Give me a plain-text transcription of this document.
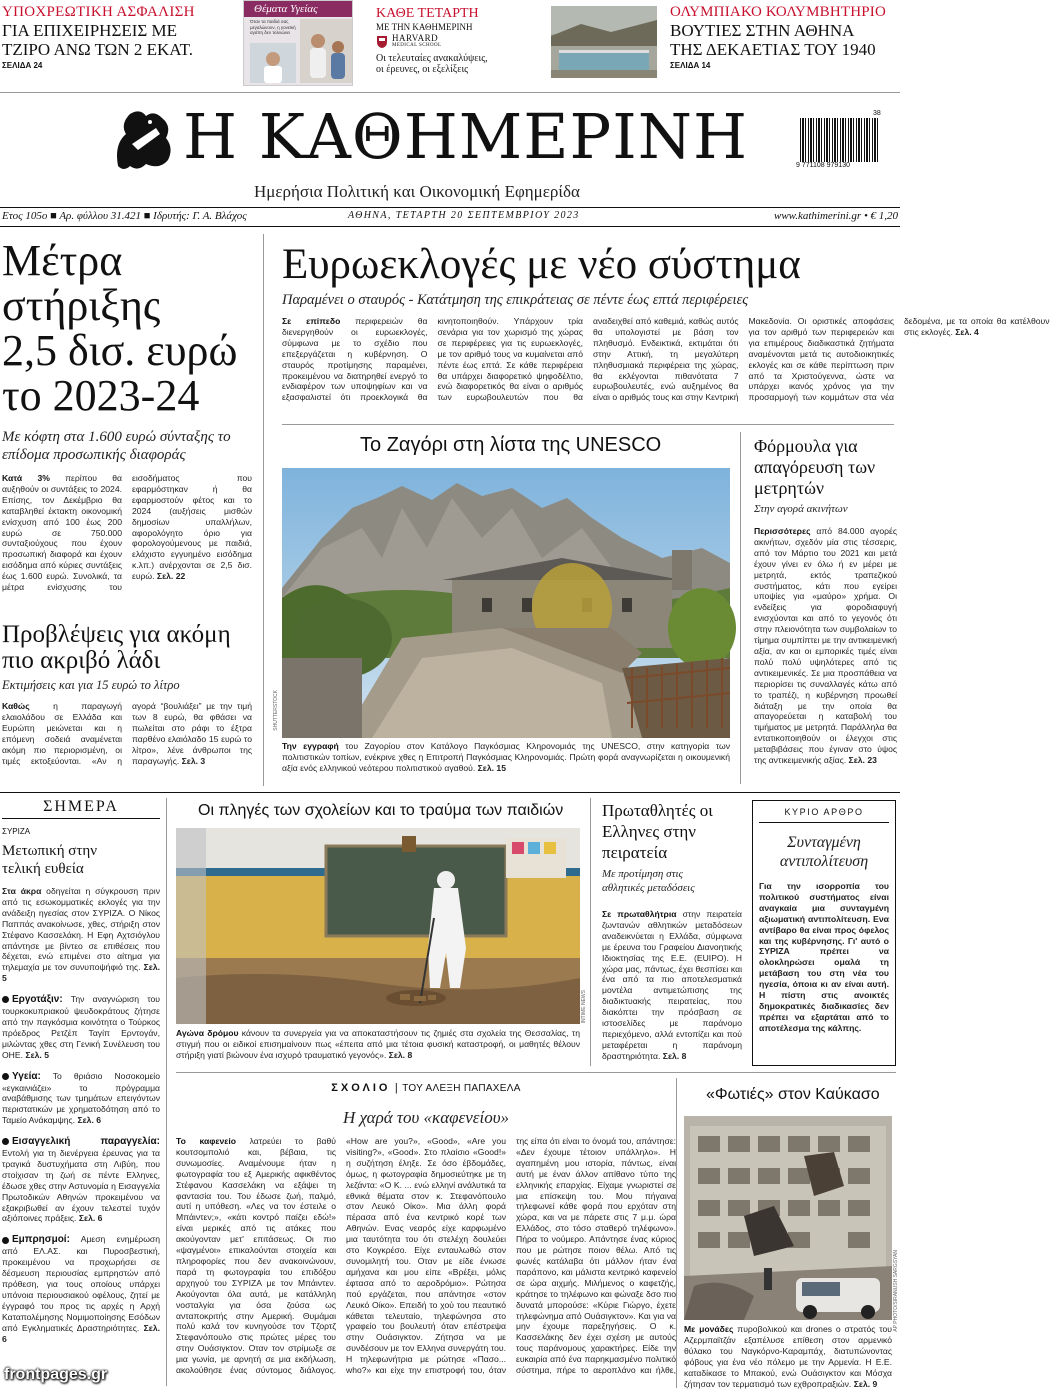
ΥΠΟΧΡΕΩΤΙΚΗ ΑΣΦΑΛΙΣΗ
ΓΙΑ ΕΠΙΧΕΙΡΗΣΕΙΣ ΜΕ
ΤΖΙΡΟ ΑΝΩ ΤΩΝ 2 ΕΚΑΤ.
ΣΕΛΙΔΑ 24
Θέματα Υγείας
Όταν τα παιδιά σας
μεγαλώνουν, η γονεϊκή
αγάπη δεν τελειώνει
ΚΑΘΕ ΤΕΤΑΡΤΗ
ΜΕ ΤΗΝ ΚΑΘΗΜΕΡΙΝΗ
HARVARD
MEDICAL SCHOOL
Οι τελευταίες ανακαλύψεις,
οι έρευνες, οι εξελίξεις
ΟΛΥΜΠΙΑΚΟ ΚΟΛΥΜΒΗΤΗΡΙΟ
ΒΟΥΤΙΕΣ ΣΤΗΝ ΑΘΗΝΑ
ΤΗΣ ΔΕΚΑΕΤΙΑΣ ΤΟΥ 1940
ΣΕΛΙΔΑ 14
Η ΚΑΘΗΜΕΡΙΝΗ
Ημερήσια Πολιτική και Οικονομική Εφημερίδα
38
9 771108 979130
Ετος 105ο ■ Αρ. φύλλου 31.421 ■ Ιδρυτής: Γ. Α. Βλάχος	ΑΘΗΝΑ, ΤΕΤΑΡΤΗ 20 ΣΕΠΤΕΜΒΡΙΟΥ 2023	www.kathimerini.gr • € 1,20
Μέτρα
στήριξης
2,5 δισ. ευρώ
το 2023-24
Με κόφτη στα 1.600 ευρώ σύνταξης το επίδομα προσωπικής διαφοράς
Κατά 3% περίπου θα αυξηθούν οι συντάξεις το 2024. Επίσης, τον Δεκέμβριο θα καταβληθεί έκτακτη οικονομική ενίσχυση από 100 έως 200 ευρώ σε 750.000 συνταξιούχους που έχουν προσωπική διαφορά και έχουν εισόδημα από κύριες συντάξεις έως 1.600 ευρώ. Συνολικά, τα μέτρα ενίσχυσης του εισοδήματος που εφαρμόστηκαν ή θα εφαρμοστούν φέτος και το 2024 (αυξήσεις μισθών δημοσίων υπαλλήλων, αφορολόγητο όριο για φορολογούμενους με παιδιά, ελάχιστο εγγυημένο εισόδημα κ.λπ.) ανέρχονται σε 2,5 δισ. ευρώ. Σελ. 22
Προβλέψεις για ακόμη πιο ακριβό λάδι
Εκτιμήσεις και για 15 ευρώ το λίτρο
Καθώς η παραγωγή ελαιολάδου σε Ελλάδα και Ευρώπη μειώνεται και η επόμενη σοδειά αναμένεται ακόμη πιο περιορισμένη, οι τιμές εκτοξεύονται. «Αν η αγορά “βουλιάξει” με την τιμή των 8 ευρώ, θα φθάσει να πωλείται στο ράφι το έξτρα παρθένο ελαιόλαδο 15 ευρώ το λίτρο», λένε άνθρωποι της παραγωγής. Σελ. 3
Ευρωεκλογές με νέο σύστημα
Παραμένει ο σταυρός - Κατάτμηση της επικράτειας σε πέντε έως επτά περιφέρειες
Σε επίπεδο περιφερειών θα διενεργηθούν οι ευρωεκλογές, σύμφωνα με το σχέδιο που επεξεργάζεται η κυβέρνηση. Ο σταυρός προτίμησης παραμένει, προκειμένου να διατηρηθεί ενεργό το ενδιαφέρον των υποψηφίων και να εξασφαλιστεί ότι προεκλογικά θα κινητοποιηθούν. Υπάρχουν τρία σενάρια για τον χωρισμό της χώρας σε περιφέρειες για τις ευρωεκλογές, με τον αριθμό τους να κυμαίνεται από πέντε έως επτά. Σε κάθε περιφέρεια θα υπάρχει διαφορετικό ψηφοδέλτιο, ενώ διαφορετικός θα είναι ο αριθμός των ευρωβουλευτών που θα αναδειχθεί από καθεμιά, καθώς αυτός θα υπολογιστεί με βάση τον πληθυσμό. Ενδεικτικά, εκτιμάται ότι στην Αττική, τη μεγαλύτερη πληθυσμιακά περιφέρεια της χώρας, θα εκλέγονται πιθανότατα 7 ευρωβουλευτές, ενώ αυξημένος θα είναι ο αριθμός τους και στην Κεντρική Μακεδονία. Οι οριστικές αποφάσεις για τον αριθμό των περιφερειών και για επιμέρους διαδικαστικά ζητήματα αναμένονται μετά τις αυτοδιοικητικές εκλογές και σε κάθε περίπτωση πριν από τα Χριστούγεννα, ώστε να υπάρχει ικανός χρόνος για την προσαρμογή των κομμάτων στα νέα δεδομένα, με τα οποία θα κατέλθουν στις εκλογές. Σελ. 4
Το Ζαγόρι στη λίστα της UNESCO
SHUTTERSTOCK
Την εγγραφή του Ζαγορίου στον Κατάλογο Παγκόσμιας Κληρονομιάς της UNESCO, στην κατηγορία των πολιτιστικών τοπίων, ενέκρινε χθες η Επιτροπή Παγκόσμιας Κληρονομιάς. Πρώτη φορά αναγνωρίζεται η οικουμενική αξία ενός ελληνικού νεότερου πολιτιστικού αγαθού. Σελ. 15
Φόρμουλα για απαγόρευση των μετρητών
Στην αγορά ακινήτων
Περισσότερες από 84.000 αγορές ακινήτων, σχεδόν μία στις τέσσερις, από τον Μάρτιο του 2021 και μετά έχουν γίνει εν όλω ή εν μέρει με μετρητά, εκτός τραπεζικού συστήματος, κάτι που εγείρει υποψίες για «μαύρο» χρήμα. Οι ενδείξεις για φοροδιαφυγή ενισχύονται και από το γεγονός ότι στην πλειονότητα των συμβολαίων το τίμημα συμπίπτει με την αντικειμενική αξία, αν και οι εμπορικές τιμές είναι πολύ πολύ υψηλότερες από τις αντικειμενικές. Σε μια προσπάθεια να περιορίσει τις συναλλαγές κάτω από το τραπέζι, η κυβέρνηση προωθεί διάταξη με την οποία θα απαγορεύεται η καταβολή του τιμήματος με μετρητά. Παράλληλα θα εντατικοποιηθούν οι έλεγχοι στις μεταβιβάσεις που έγιναν στο ύψος της αντικειμενικής αξίας. Σελ. 23
ΣΗΜΕΡΑ
ΣΥΡΙΖΑ
Μετωπική στην τελική ευθεία
Στα άκρα οδηγείται η σύγκρουση πριν από τις εσωκομματικές εκλογές για την ανάδειξη ηγεσίας στον ΣΥΡΙΖΑ. Ο Νίκος Παππάς ανακοίνωσε, χθες, στήριξη στον Στέφανο Κασσελάκη. Η Εφη Αχτσιόγλου απάντησε με βίντεο σε επιθέσεις που δέχεται, ενώ επιμένει στο αίτημα για τηλεμαχία με τον συνυποψήφιό της. Σελ. 5
Εργοτάξιν: Την αναγνώριση του τουρκοκυπριακού ψευδοκράτους ζήτησε από την παγκόσμια κοινότητα ο Τούρκος πρόεδρος Ρετζέπ Ταγίπ Ερντογάν, μιλώντας χθες στη Γενική Συνέλευση του ΟΗΕ. Σελ. 5
Υγεία: Το θριάσιο Νοσοκομείο «εγκαινιάζει» το πρόγραμμα αναβάθμισης των τμημάτων επειγόντων περιστατικών με χρηματοδότηση από το Ταμείο Ανάκαμψης. Σελ. 6
Εισαγγελική παραγγελία: Εντολή για τη διενέργεια έρευνας για τα τραγικά δυστυχήματα στη Λιβύη, που στοίχισαν τη ζωή σε πέντε Ελληνες, έδωσε χθες στην Αστυνομία η Εισαγγελία Πρωτοδικών Αθηνών προκειμένου να εξακριβωθεί αν έχουν τελεστεί τυχόν αξιόποινες πράξεις. Σελ. 6
Εμπρησμοί: Αμεση ενημέρωση από ΕΛ.ΑΣ. και Πυροσβεστική, προκειμένου να προχωρήσει σε δέσμευση περιουσίας εμπρηστών από πρόθεση, για τους οποίους υπάρχει υπόνοια περιουσιακού οφέλους, ζητεί με έγγραφό του προς τις αρχές η Αρχή Καταπολέμησης Νομιμοποίησης Εσόδων από Εγκληματικές Δραστηριότητες. Σελ. 6
Οι πληγές των σχολείων και το τραύμα των παιδιών
INTIME NEWS
Αγώνα δρόμου κάνουν τα συνεργεία για να αποκαταστήσουν τις ζημιές στα σχολεία της Θεσσαλίας, τη στιγμή που οι ειδικοί επισημαίνουν πως «έπειτα από μια τέτοια φυσική καταστροφή, οι μαθητές θέλουν στήριξη γιατί βιώνουν ένα ισχυρό τραυματικό γεγονός». Σελ. 8
Πρωταθλητές οι Ελληνες στην πειρατεία
Με προτίμηση στις αθλητικές μεταδόσεις
Σε πρωταθλήτρια στην πειρατεία ζωντανών αθλητικών μεταδόσεων αναδεικνύεται η Ελλάδα, σύμφωνα με έρευνα του Γραφείου Διανοητικής Ιδιοκτησίας της Ε.Ε. (EUIPO). Η χώρα μας, πάντως, έχει θεσπίσει και ένα από τα πιο αποτελεσματικά μοντέλα αντιμετώπισης της διαδικτυακής πειρατείας, που διακόπτει την πρόσβαση σε ιστοσελίδες με παράνομο περιεχόμενο, αλλά εντοπίζει και πού μεταφέρεται η παράνομη δραστηριότητα. Σελ. 8
ΚΥΡΙΟ ΑΡΘΡΟ
Συνταγμένη αντιπολίτευση
Για την ισορροπία του πολιτικού συστήματος είναι αναγκαία μια συνταγμένη αξιωματική αντιπολίτευση. Ενα αντίβαρο θα είναι προς όφελος και της κυβέρνησης. Γι' αυτό ο ΣΥΡΙΖΑ πρέπει να ολοκληρώσει ομαλά τη μετάβαση του στη νέα του ηγεσία, όποια κι αν είναι αυτή. Η πίστη στις ανοικτές δημοκρατικές διαδικασίες δεν πρέπει να εξαρτάται από το αποτέλεσμα της κάλπης.
ΣΧΟΛΙΟ | ΤΟΥ ΑΛΕΞΗ ΠΑΠΑΧΕΛΑ
Η χαρά του «καφενείου»
Το καφενείο λατρεύει το βαθύ κουτσομπολιό και, βέβαια, τις συνωμοσίες. Αναμένουμε ήταν η φωτογραφία του εξ Αμερικής αφικθέντος Στέφανου Κασσελάκη να εξάψει τη φαντασία του. Του έδωσε ζωή, παλμό, αυτί η υπόθεση. «Λες να τον έστειλε ο Μπάιντεν;», «κάτι κοντρό παίζει εδώ!» είναι μερικές από τις ατάκες που ακούγονταν μετ' επιτάσεως. Οι πιο «ψαγμένοι» επικαλούνται στοιχεία και πληροφορίες που δεν ανακοινώνουν, παρά τη φωτογραφία του επιδόξου αρχηγού του ΣΥΡΙΖΑ με τον Μπάιντεν. Ακούγονται όλα αυτά, με κατάλληλη νοσταλγία για όσα ζούσα ως ανταποκριτής στην Αμερική. Θυμάμαι πολύ καλά τον κυνηγούσε τον Τζορτζ Στεφανόπουλο στις πρώτες μέρες του στην Ουάσιγκτον. Οταν τον στρίμωξε σε μια γωνία, με αρνητή σε μια εκδήλωση, ακολούθησε ένας σύντομος διάλογος. «How are you?», «Good», «Are you visiting?», «Good». Στο πλαίσιο «Good!» η συζήτηση έληξε. Σε όσο έβδομάδες, όμως, η φωτογραφία δημοσιεύτηκε με τη λεζάντα: «Ο Κ. ... ενώ ελληνί ανάλυτικά τα εθνικά θέματα στον κ. Στεφανόπουλο στον Λευκό Οίκο». Μια άλλη φορά πέρασα από ένα κεντρικό κορέ των Αθηνών. Ενας νεαρός είχε καρφωμένο μια ταυτότητα του ότι στελέχη δουλεύει στο Κογκρέσο. Είχε ενταυλωθώ στον συνομιλητή του. Οταν με είδε ένιωσε αμήχανα και μου είπε «Βρέξει, μόλις έφτασα από το αεροδρόμιο». Ρώτησα πού εργάζεται, που απάντησε «στον Λευκό Οίκο». Επειδή το χού του πεαυτικό κάθεται τελευταίο, τηλεφώνησα στο γραφείο του βουλευτή όταν επέστρεψα στην Ουάσιγκτον. Ζήτησα να με συνδέσουν με τον Ελληνα συνεργάτη του. Η τηλεφωνήτρια με ρώτησε «Πασo... who?» και είχε την επιστροφή του, όταν της είπα ότι είναι το όνομά του, απάντησε: «Δεν έχουμε τέτοιον υπάλληλο». Η αγαπημένη μου ιστορία, πάντως, είναι αυτή με έναν άλλον απίθανο τύπο της ελληνικής επαρχίας. Είχαμε γνωριστεί σε μια επίσκεψη του. Μου πήγαινα τηλεφωνεί κάθε φορά που ερχόταν στη χώρα, και να με πάρετε στις 7 μ.μ. ώρα Ελλάδος, στο τόσο σταθερό τηλέφωνο». Πήρα το νούμερο. Απάντησε ένας κύριος που με ρώτησε ποιον θέλω. Από τις φωνές κατάλαβα ότι μάλλον ήταν ένα παράπονο, και μάλιστα κεντρικό καφενείο σε ώρα αιχμής. Μιλήμενος ο καφετζής, κράτησε το τηλέφωνο και φώναξε δσο πιο δυνατά μπορούσε: «Κύριε Γιώργο, έχετε τηλεφώνημα από Ουάσιγκτον». Και για να μην έχουμε παρεξηγήσεις. Ο κ. Κασσελάκης δεν έχει σχέση με αυτούς τους παράνομους χαρακτήρες. Είδε την ευκαιρία από ένα παρηκμασμένο πολιτικό σύστημα, πήρε το αεροπλάνο και ήλθε,
«Φωτιές» στον Καύκασο
AP PHOTO/SIRANUSH SARGSYAN
Με μονάδες πυροβολικού και drones ο στρατός του Αζερμπαϊτζάν εξαπέλυσε επίθεση στον αρμενικό θύλακο του Ναγκόρνο-Καραμπάχ, διατυπώνοντας φόβους για ένα νέο πόλεμο με την Αρμενία. Η Ε.Ε. καταδίκασε το Μπακού, ενώ Ουάσιγκτον και Μόσχα ζήτησαν τον τερματισμό των εχθροπραξιών. Σελ. 9
frontpages.gr
